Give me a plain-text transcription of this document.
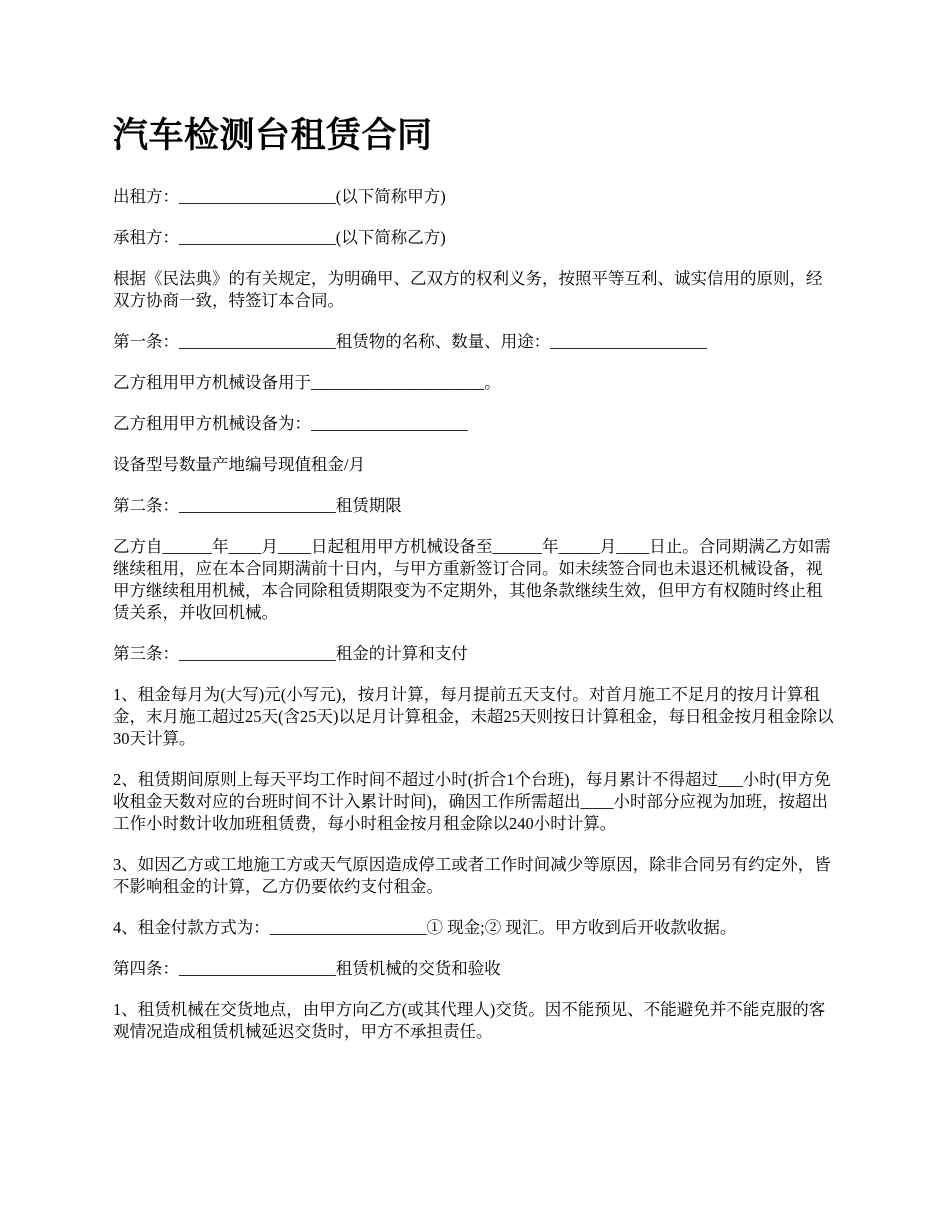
汽车检测台租赁合同

出租方：___________________(以下简称甲方)

承租方：___________________(以下简称乙方)

根据《民法典》的有关规定，为明确甲、乙双方的权利义务，按照平等互利、诚实信用的原则，经双方协商一致，特签订本合同。

第一条：___________________租赁物的名称、数量、用途：___________________

乙方租用甲方机械设备用于_____________________。

乙方租用甲方机械设备为：___________________

设备型号数量产地编号现值租金/月

第二条：___________________租赁期限

乙方自______年____月____日起租用甲方机械设备至______年_____月____日止。合同期满乙方如需继续租用，应在本合同期满前十日内，与甲方重新签订合同。如未续签合同也未退还机械设备，视甲方继续租用机械，本合同除租赁期限变为不定期外，其他条款继续生效，但甲方有权随时终止租赁关系，并收回机械。

第三条：___________________租金的计算和支付

1、租金每月为(大写)元(小写元)，按月计算，每月提前五天支付。对首月施工不足月的按月计算租金，末月施工超过25天(含25天)以足月计算租金，未超25天则按日计算租金，每日租金按月租金除以30天计算。

2、租赁期间原则上每天平均工作时间不超过小时(折合1个台班)，每月累计不得超过___小时(甲方免收租金天数对应的台班时间不计入累计时间)，确因工作所需超出____小时部分应视为加班，按超出工作小时数计收加班租赁费，每小时租金按月租金除以240小时计算。

3、如因乙方或工地施工方或天气原因造成停工或者工作时间减少等原因，除非合同另有约定外，皆不影响租金的计算，乙方仍要依约支付租金。

4、租金付款方式为：___________________① 现金;② 现汇。甲方收到后开收款收据。

第四条：___________________租赁机械的交货和验收

1、租赁机械在交货地点，由甲方向乙方(或其代理人)交货。因不能预见、不能避免并不能克服的客观情况造成租赁机械延迟交货时，甲方不承担责任。
